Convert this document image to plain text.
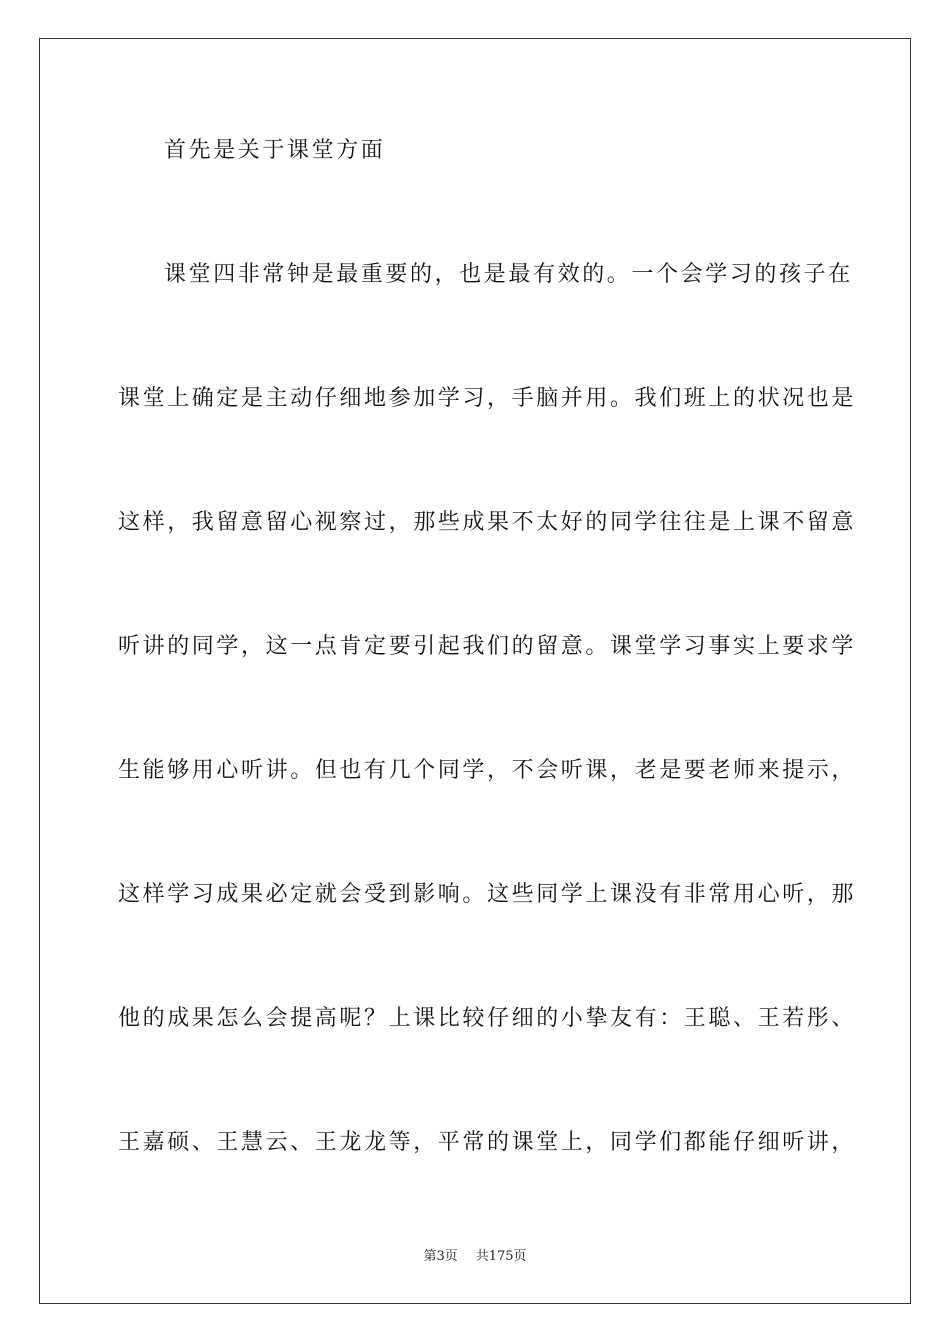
首先是关于课堂方面
课堂四非常钟是最重要的，也是最有效的。一个会学习的孩子在
课堂上确定是主动仔细地参加学习，手脑并用。我们班上的状况也是
这样，我留意留心视察过，那些成果不太好的同学往往是上课不留意
听讲的同学，这一点肯定要引起我们的留意。课堂学习事实上要求学
生能够用心听讲。但也有几个同学，不会听课，老是要老师来提示，
这样学习成果必定就会受到影响。这些同学上课没有非常用心听，那
他的成果怎么会提高呢？上课比较仔细的小挚友有：王聪、王若彤、
王嘉硕、王慧云、王龙龙等，平常的课堂上，同学们都能仔细听讲，
第3页 共175页
